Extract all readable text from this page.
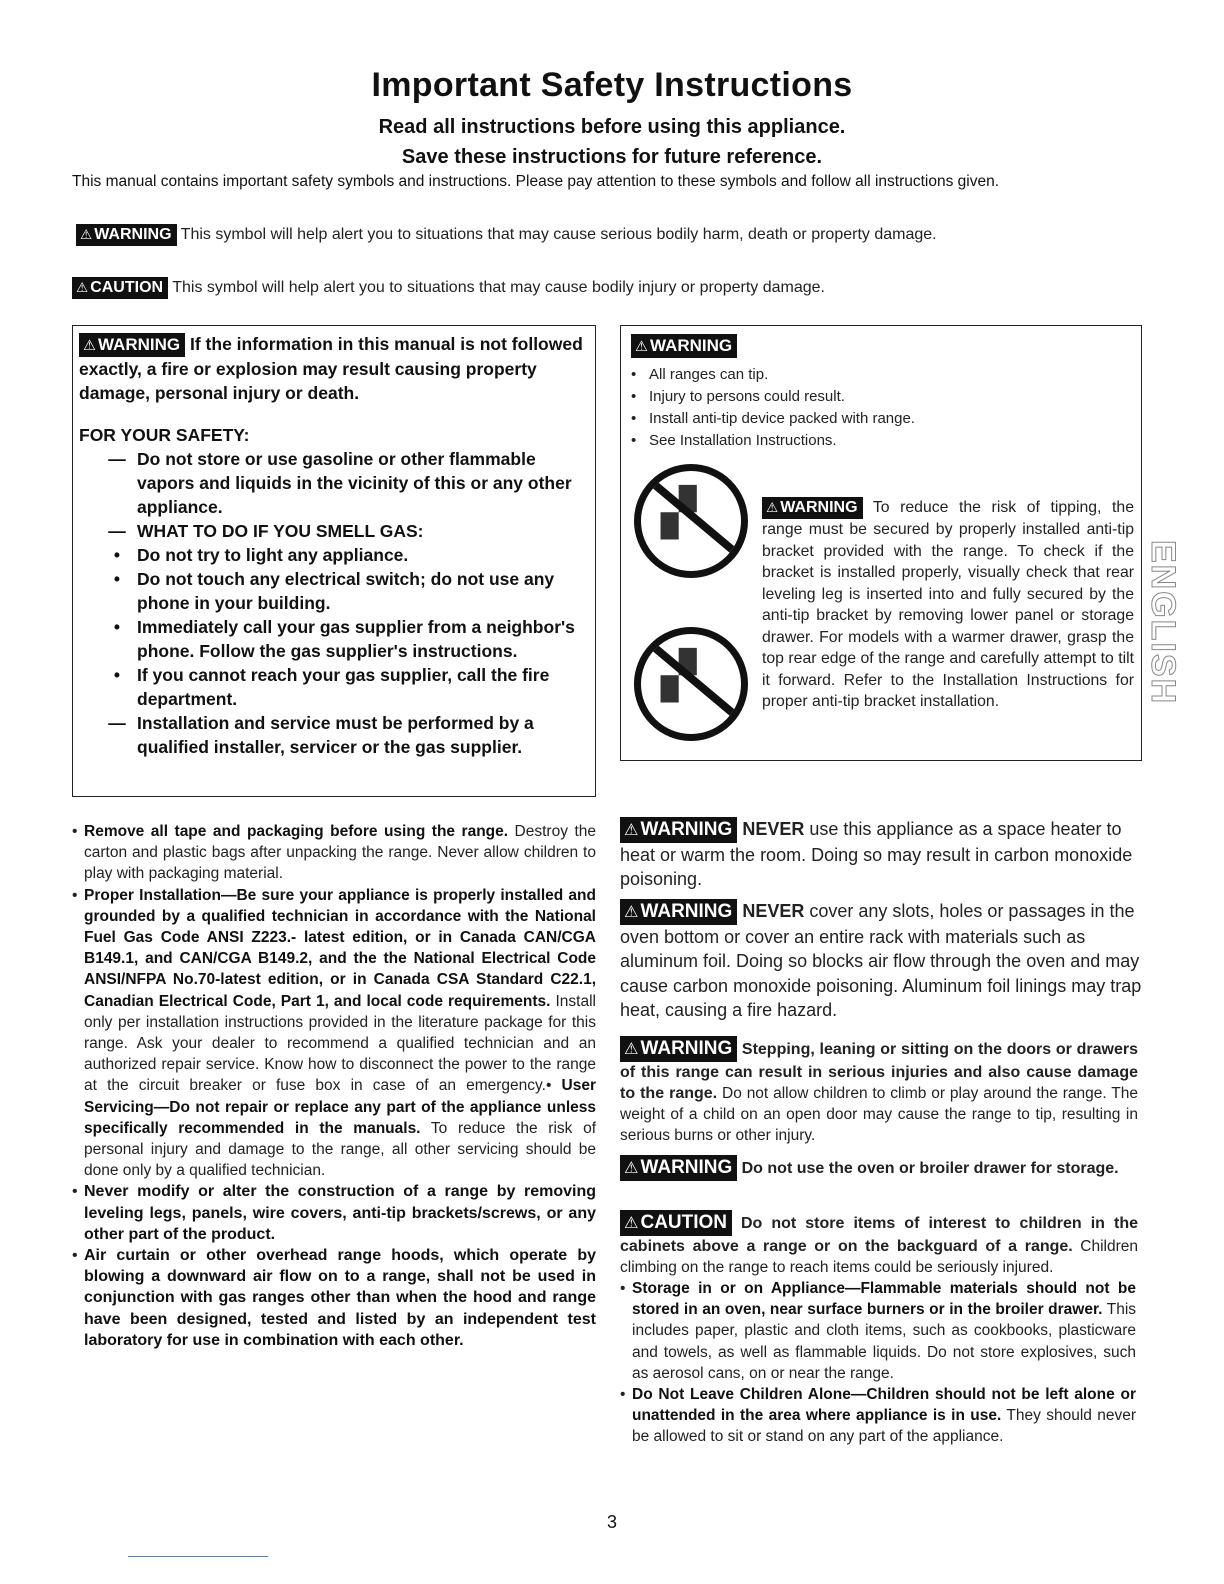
Important Safety Instructions
Read all instructions before using this appliance.
Save these instructions for future reference.
This manual contains important safety symbols and instructions. Please pay attention to these symbols and follow all instructions given.
⚠ WARNING This symbol will help alert you to situations that may cause serious bodily harm, death or property damage.
⚠ CAUTION This symbol will help alert you to situations that may cause bodily injury or property damage.
⚠ WARNING If the information in this manual is not followed exactly, a fire or explosion may result causing property damage, personal injury or death.
FOR YOUR SAFETY:
— Do not store or use gasoline or other flammable vapors and liquids in the vicinity of this or any other appliance.
— WHAT TO DO IF YOU SMELL GAS:
• Do not try to light any appliance.
• Do not touch any electrical switch; do not use any phone in your building.
• Immediately call your gas supplier from a neighbor's phone. Follow the gas supplier's instructions.
• If you cannot reach your gas supplier, call the fire department.
— Installation and service must be performed by a qualified installer, servicer or the gas supplier.
⚠ WARNING
• All ranges can tip.
• Injury to persons could result.
• Install anti-tip device packed with range.
• See Installation Instructions.
▞
▞
⚠ WARNING To reduce the risk of tipping, the range must be secured by properly installed anti-tip bracket provided with the range. To check if the bracket is installed properly, visually check that rear leveling leg is inserted into and fully secured by the anti-tip bracket by removing lower panel or storage drawer. For models with a warmer drawer, grasp the top rear edge of the range and carefully attempt to tilt it forward. Refer to the Installation Instructions for proper anti-tip bracket installation.	ENGLISH
• Remove all tape and packaging before using the range. Destroy the carton and plastic bags after unpacking the range. Never allow children to play with packaging material.
• Proper Installation—Be sure your appliance is properly installed and grounded by a qualified technician in accordance with the National Fuel Gas Code ANSI Z223.- latest edition, or in Canada CAN/CGA B149.1, and CAN/CGA B149.2, and the the National Electrical Code ANSI/NFPA No.70-latest edition, or in Canada CSA Standard C22.1, Canadian Electrical Code, Part 1, and local code requirements. Install only per installation instructions provided in the literature package for this range. Ask your dealer to recommend a qualified technician and an authorized repair service. Know how to disconnect the power to the range at the circuit breaker or fuse box in case of an emergency.• User Servicing—Do not repair or replace any part of the appliance unless specifically recommended in the manuals. To reduce the risk of personal injury and damage to the range, all other servicing should be done only by a qualified technician.
• Never modify or alter the construction of a range by removing leveling legs, panels, wire covers, anti-tip brackets/screws, or any other part of the product.
• Air curtain or other overhead range hoods, which operate by blowing a downward air flow on to a range, shall not be used in conjunction with gas ranges other than when the hood and range have been designed, tested and listed by an independent test laboratory for use in combination with each other.
⚠ WARNING NEVER use this appliance as a space heater to heat or warm the room. Doing so may result in carbon monoxide poisoning.
⚠ WARNING NEVER cover any slots, holes or passages in the oven bottom or cover an entire rack with materials such as aluminum foil. Doing so blocks air flow through the oven and may cause carbon monoxide poisoning. Aluminum foil linings may trap heat, causing a fire hazard.
⚠ WARNING Stepping, leaning or sitting on the doors or drawers of this range can result in serious injuries and also cause damage to the range. Do not allow children to climb or play around the range. The weight of a child on an open door may cause the range to tip, resulting in serious burns or other injury.
⚠ WARNING Do not use the oven or broiler drawer for storage.
⚠ CAUTION Do not store items of interest to children in the cabinets above a range or on the backguard of a range. Children climbing on the range to reach items could be seriously injured.
• Storage in or on Appliance—Flammable materials should not be stored in an oven, near surface burners or in the broiler drawer. This includes paper, plastic and cloth items, such as cookbooks, plasticware and towels, as well as flammable liquids. Do not store explosives, such as aerosol cans, on or near the range.
• Do Not Leave Children Alone—Children should not be left alone or unattended in the area where appliance is in use. They should never be allowed to sit or stand on any part of the appliance.
3
